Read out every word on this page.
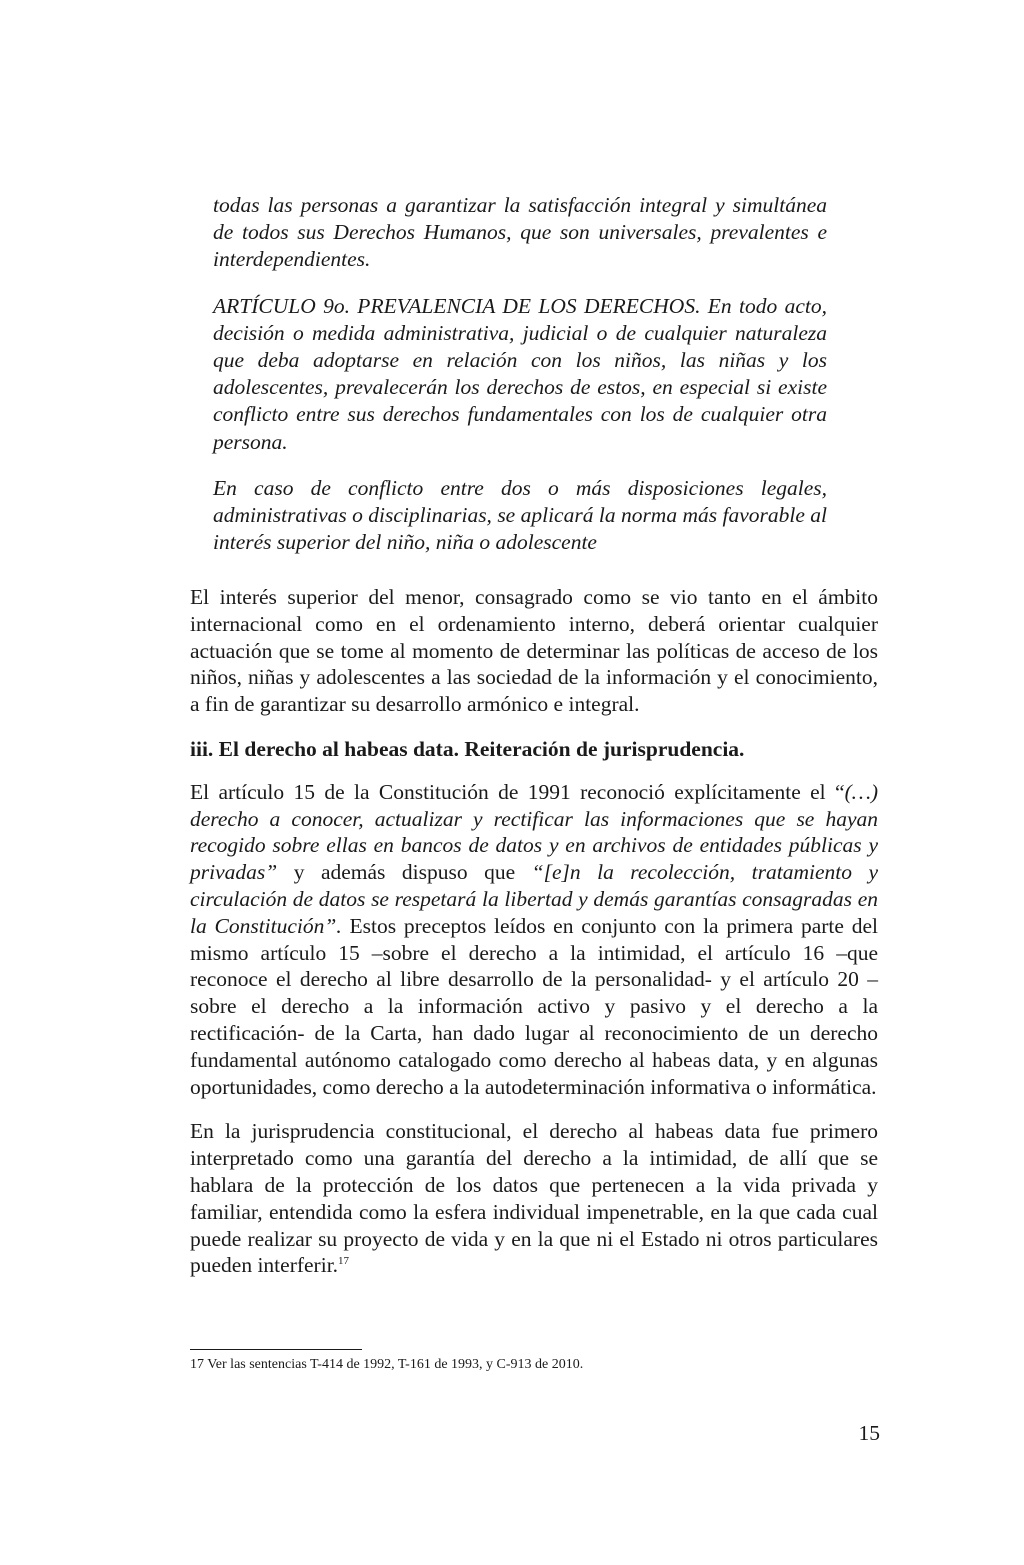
todas las personas a garantizar la satisfacción integral y simultánea de todos sus Derechos Humanos, que son universales, prevalentes e interdependientes.

ARTÍCULO 9o. PREVALENCIA DE LOS DERECHOS. En todo acto, decisión o medida administrativa, judicial o de cualquier naturaleza que deba adoptarse en relación con los niños, las niñas y los adolescentes, prevalecerán los derechos de estos, en especial si existe conflicto entre sus derechos fundamentales con los de cualquier otra persona.

En caso de conflicto entre dos o más disposiciones legales, administrativas o disciplinarias, se aplicará la norma más favorable al interés superior del niño, niña o adolescente

El interés superior del menor, consagrado como se vio tanto en el ámbito internacional como en el ordenamiento interno, deberá orientar cualquier actuación que se tome al momento de determinar las políticas de acceso de los niños, niñas y adolescentes a las sociedad de la información y el conocimiento, a fin de garantizar su desarrollo armónico e integral.

iii. El derecho al habeas data. Reiteración de jurisprudencia.

El artículo 15 de la Constitución de 1991 reconoció explícitamente el “(…) derecho a conocer, actualizar y rectificar las informaciones que se hayan recogido sobre ellas en bancos de datos y en archivos de entidades públicas y privadas” y además dispuso que “[e]n la recolección, tratamiento y circulación de datos se respetará la libertad y demás garantías consagradas en la Constitución”. Estos preceptos leídos en conjunto con la primera parte del mismo artículo 15 –sobre el derecho a la intimidad, el artículo 16 –que reconoce el derecho al libre desarrollo de la personalidad- y el artículo 20 –sobre el derecho a la información activo y pasivo y el derecho a la rectificación- de la Carta, han dado lugar al reconocimiento de un derecho fundamental autónomo catalogado como derecho al habeas data, y en algunas oportunidades, como derecho a la autodeterminación informativa o informática.

En la jurisprudencia constitucional, el derecho al habeas data fue primero interpretado como una garantía del derecho a la intimidad, de allí que se hablara de la protección de los datos que pertenecen a la vida privada y familiar, entendida como la esfera individual impenetrable, en la que cada cual puede realizar su proyecto de vida y en la que ni el Estado ni otros particulares pueden interferir.$^{17}$

17 Ver las sentencias T-414 de 1992, T-161 de 1993, y C-913 de 2010.
15
